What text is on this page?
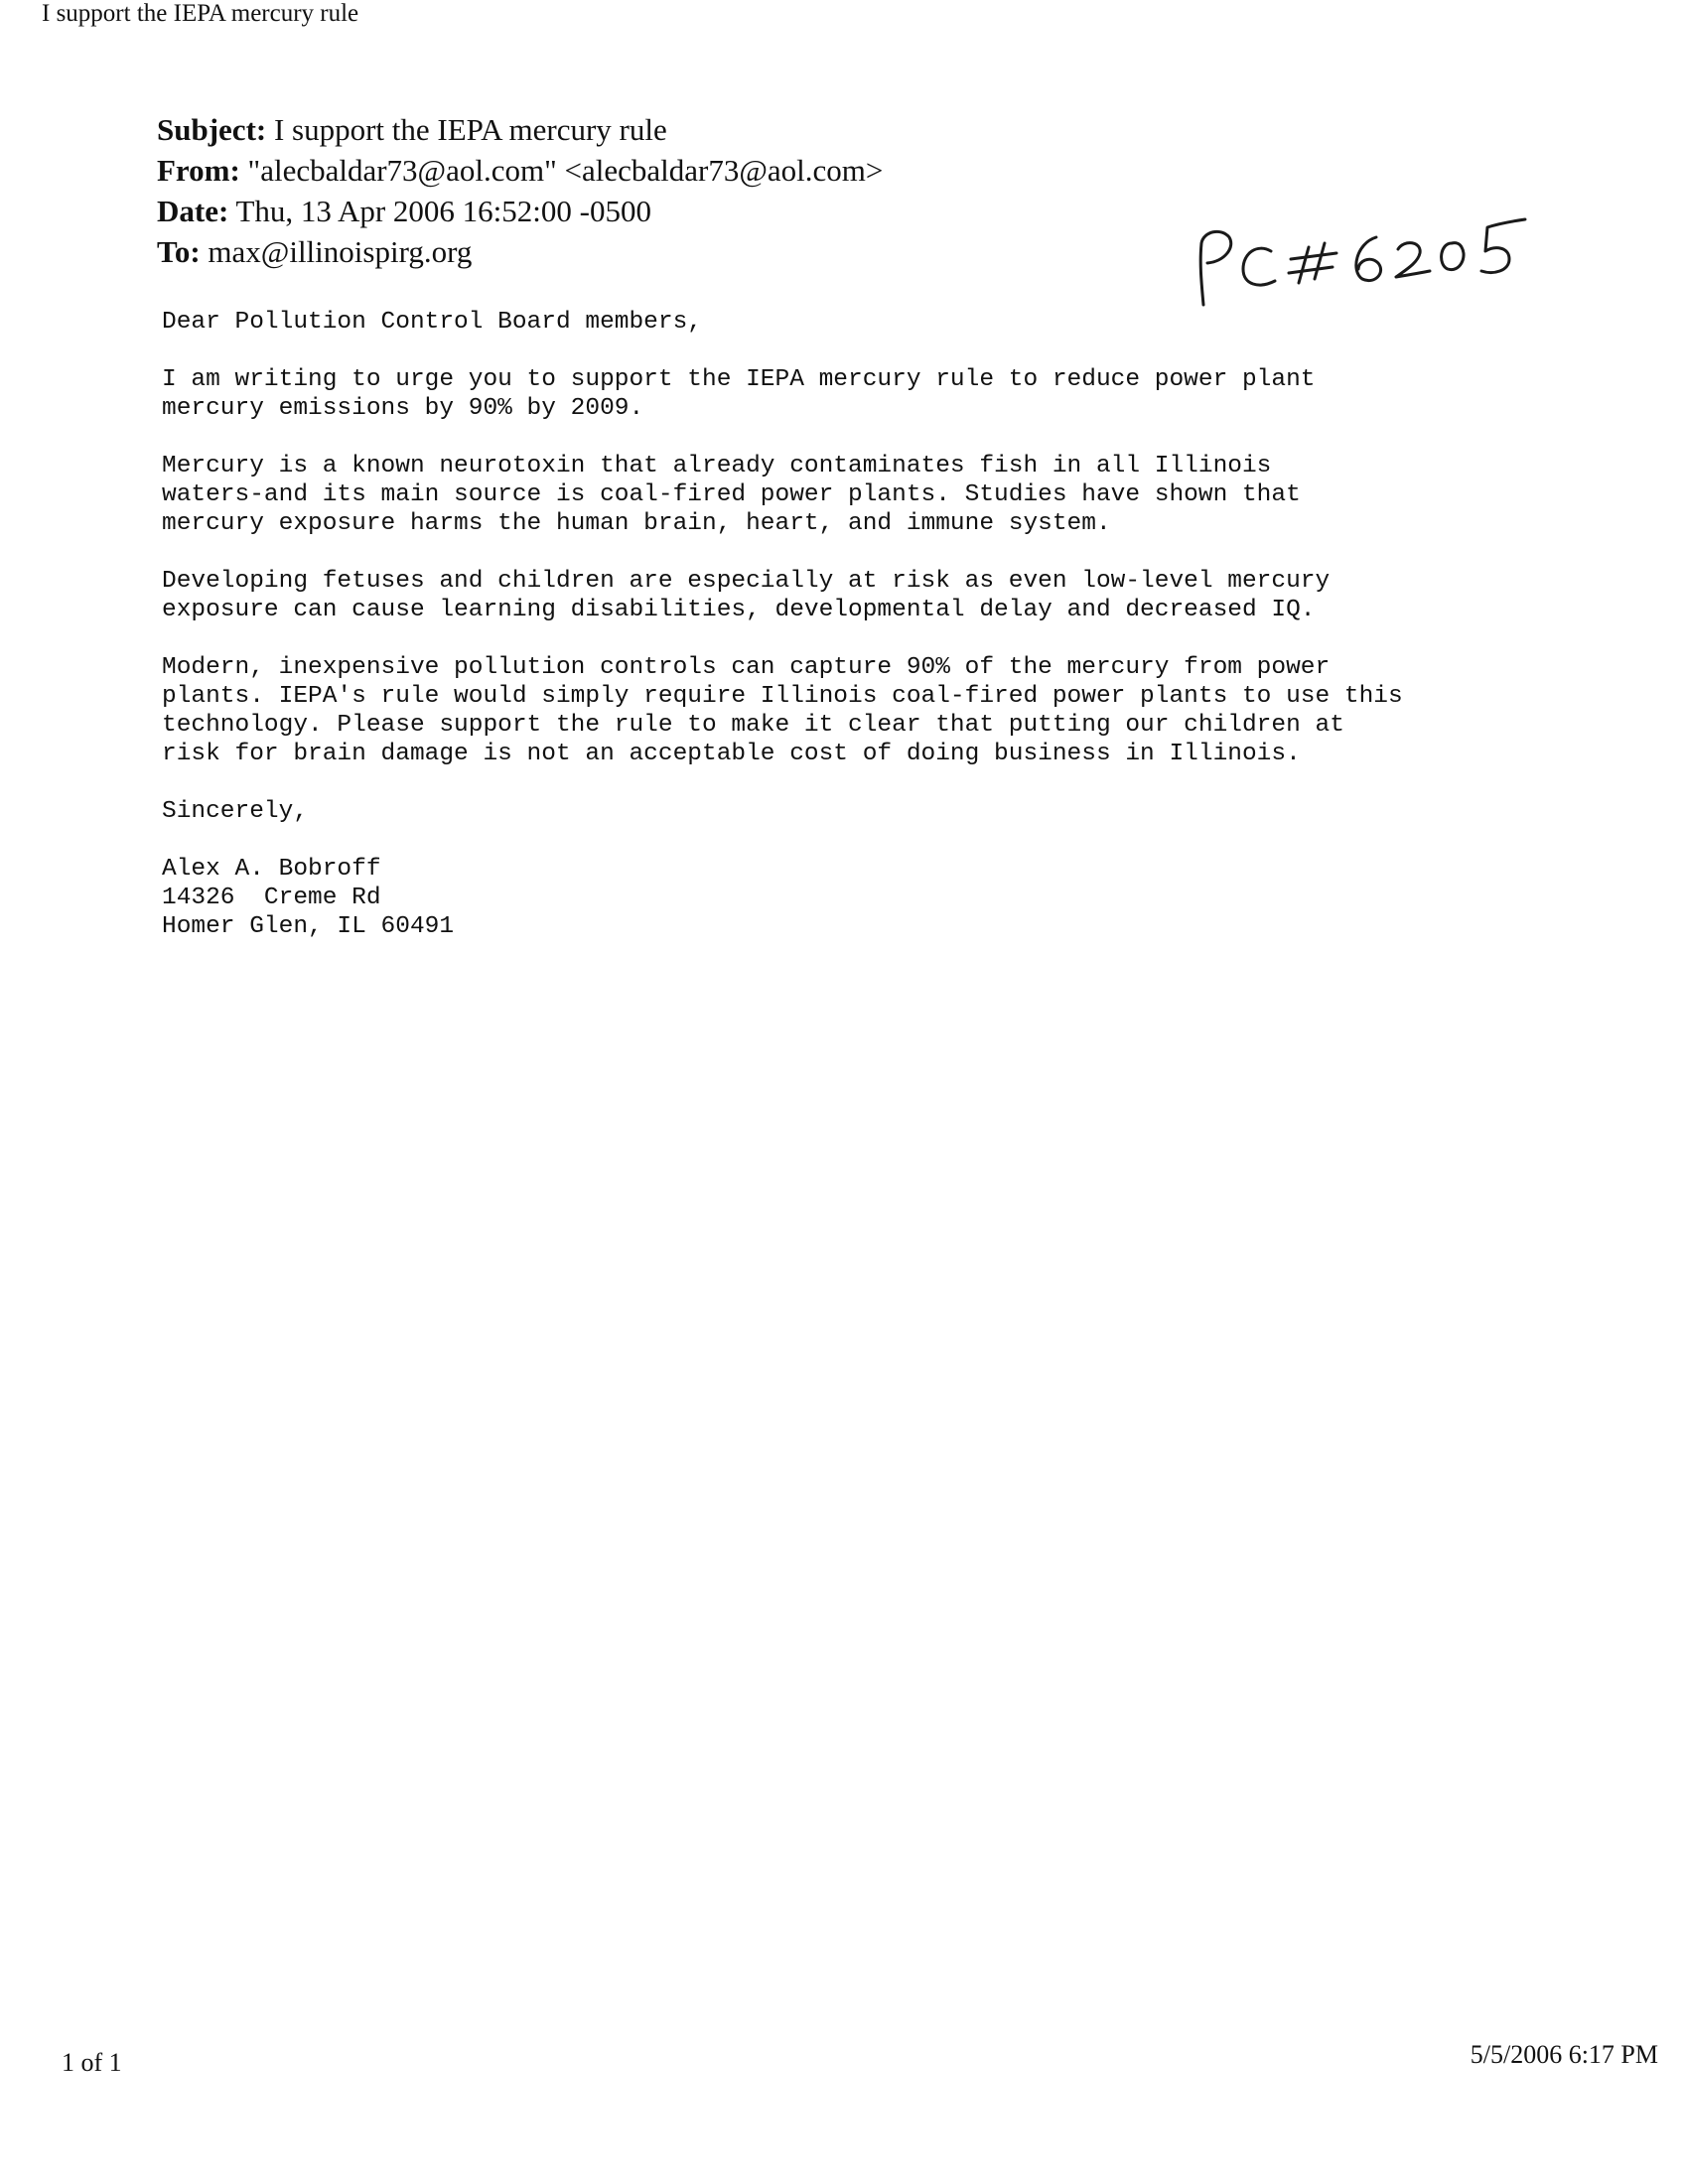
I support the IEPA mercury rule
Subject: I support the IEPA mercury rule
From: "alecbaldar73@aol.com" <alecbaldar73@aol.com>
Date: Thu, 13 Apr 2006 16:52:00 -0500
To: max@illinoispirg.org
PC #6205
Dear Pollution Control Board members,
I am writing to urge you to support the IEPA mercury rule to reduce power plant
mercury emissions by 90% by 2009.
Mercury is a known neurotoxin that already contaminates fish in all Illinois
waters-and its main source is coal-fired power plants. Studies have shown that
mercury exposure harms the human brain, heart, and immune system.
Developing fetuses and children are especially at risk as even low-level mercury
exposure can cause learning disabilities, developmental delay and decreased IQ.
Modern, inexpensive pollution controls can capture 90% of the mercury from power
plants. IEPA's rule would simply require Illinois coal-fired power plants to use this
technology. Please support the rule to make it clear that putting our children at
risk for brain damage is not an acceptable cost of doing business in Illinois.
Sincerely,
Alex A. Bobroff
14326  Creme Rd
Homer Glen, IL 60491
1 of 1	5/5/2006 6:17 PM
